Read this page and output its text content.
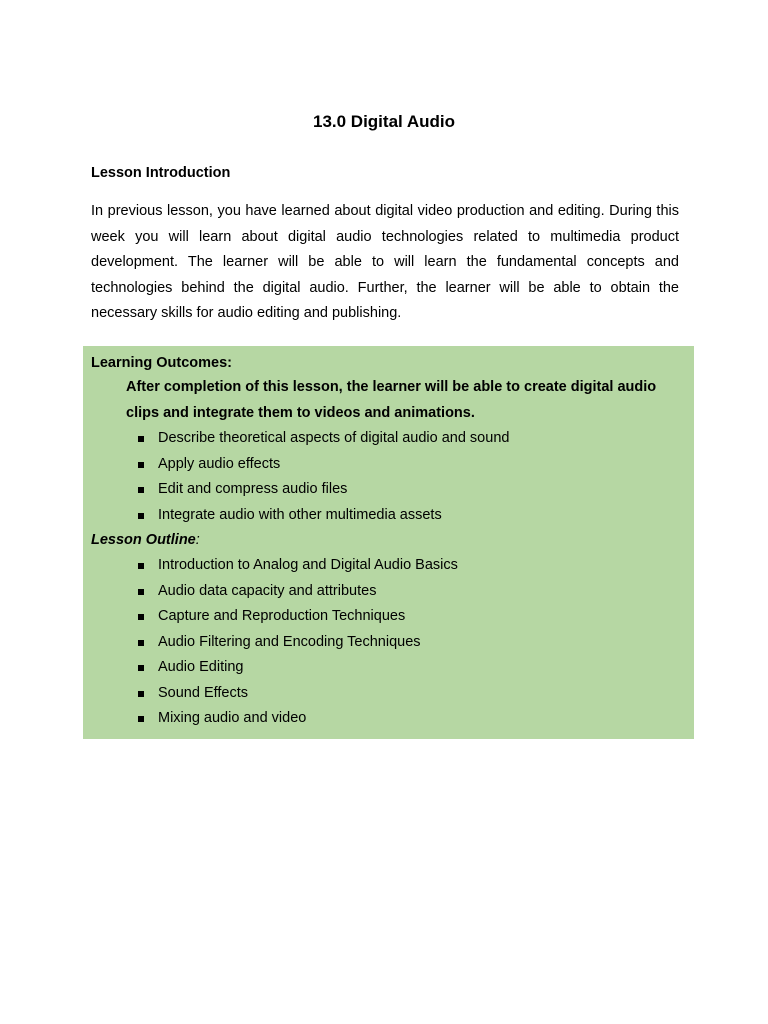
13.0 Digital Audio
Lesson Introduction

In previous lesson, you have learned about digital video production and editing. During this week you will learn about digital audio technologies related to multimedia product development. The learner will be able to will learn the fundamental concepts and technologies behind the digital audio. Further, the learner will be able to obtain the necessary skills for audio editing and publishing.

Learning Outcomes:
After completion of this lesson, the learner will be able to create digital audio clips and integrate them to videos and animations.
Describe theoretical aspects of digital audio and sound
Apply audio effects
Edit and compress audio files
Integrate audio with other multimedia assets
Lesson Outline:
Introduction to Analog and Digital Audio Basics
Audio data capacity and attributes
Capture and Reproduction Techniques
Audio Filtering and Encoding Techniques
Audio Editing
Sound Effects
Mixing audio and video
